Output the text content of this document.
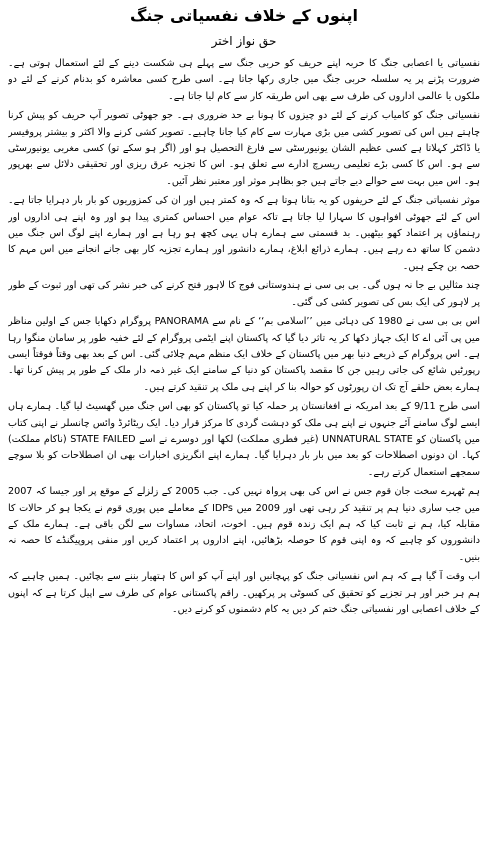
اپنوں کے خلاف نفسیاتی جنگ
حق نواز اختر

نفسیاتی یا اعصابی جنگ کا حربہ اپنے حریف کو حربی جنگ سے پہلے ہی شکست دینے کے لئے استعمال ہوتی ہے۔ ضرورت پڑنے پر یہ سلسلہ حربی جنگ میں جاری رکھا جاتا ہے۔ اسی طرح کسی معاشرہ کو بدنام کرنے کے لئے دو ملکوں یا عالمی اداروں کی طرف سے بھی اس طریقہ کار سے کام لیا جاتا ہے۔

نفسیاتی جنگ کو کامیاب کرنے کے لئے دو چیزوں کا ہونا بے حد ضروری ہے۔ جو جھوٹی تصویر آپ حریف کو پیش کرنا چاہتے ہیں اس کی تصویر کشی میں بڑی مہارت سے کام کیا جانا چاہیے۔ تصویر کشی کرنے والا اکثر و بیشتر پروفیسر یا ڈاکٹر کہلاتا ہے کسی عظیم الشان یونیورسٹی سے فارغ التحصیل ہو اور (اگر ہو سکے تو) کسی مغربی یونیورسٹی سے ہو۔ اس کا کسی بڑے تعلیمی ریسرچ ادارے سے تعلق ہو۔ اس کا تجزیہ عرق ریزی اور تحقیقی دلائل سے بھرپور ہو۔ اس میں بہت سے حوالے دیے جاتے ہیں جو بظاہر موثر اور معتبر نظر آئیں۔

موثر نفسیاتی جنگ کے لئے حریفوں کو یہ بتانا ہوتا ہے کہ وہ کمتر ہیں اور ان کی کمزوریوں کو بار بار دہرایا جاتا ہے۔ اس کے لئے جھوٹی افواہوں کا سہارا لیا جاتا ہے تاکہ عوام میں احساس کمتری پیدا ہو اور وہ اپنے ہی اداروں اور رہنماؤں پر اعتماد کھو بیٹھیں۔ بد قسمتی سے ہمارے ہاں یہی کچھ ہو رہا ہے اور ہمارے اپنے لوگ اس جنگ میں دشمن کا ساتھ دے رہے ہیں۔ ہمارے ذرائع ابلاغ، ہمارے دانشور اور ہمارے تجزیہ کار بھی جانے انجانے میں اس مہم کا حصہ بن چکے ہیں۔

چند مثالیں بے جا نہ ہوں گی۔ بی بی سی نے ہندوستانی فوج کا لاہور فتح کرنے کی خبر نشر کی تھی اور ثبوت کے طور پر لاہور کی ایک بس کی تصویر کشی کی گئی۔

اس بی بی سی نے 1980 کی دہائی میں ’’اسلامی بم‘‘ کے نام سے PANORAMA پروگرام دکھایا جس کے اولین مناظر میں پی آئی اے کا ایک جہاز دکھا کر یہ تاثر دیا گیا کہ پاکستان اپنے ایٹمی پروگرام کے لئے خفیہ طور پر سامان منگوا رہا ہے۔ اس پروگرام کے ذریعے دنیا بھر میں پاکستان کے خلاف ایک منظم مہم چلائی گئی۔ اس کے بعد بھی وقتاً فوقتاً ایسی رپورٹیں شائع کی جاتی رہیں جن کا مقصد پاکستان کو دنیا کے سامنے ایک غیر ذمہ دار ملک کے طور پر پیش کرنا تھا۔ ہمارے بعض حلقے آج تک ان رپورٹوں کو حوالہ بنا کر اپنے ہی ملک پر تنقید کرتے ہیں۔

اسی طرح 9/11 کے بعد امریکہ نے افغانستان پر حملہ کیا تو پاکستان کو بھی اس جنگ میں گھسیٹ لیا گیا۔ ہمارے ہاں ایسے لوگ سامنے آئے جنہوں نے اپنے ہی ملک کو دہشت گردی کا مرکز قرار دیا۔ ایک ریٹائرڈ وائس چانسلر نے اپنی کتاب میں پاکستان کو UNNATURAL STATE (غیر فطری مملکت) لکھا اور دوسرے نے اسے STATE FAILED (ناکام مملکت) کہا۔ ان دونوں اصطلاحات کو بعد میں بار بار دہرایا گیا۔ ہمارے اپنے انگریزی اخبارات بھی ان اصطلاحات کو بلا سوچے سمجھے استعمال کرتے رہے۔

ہم ٹھہرے سخت جان قوم جس نے اس کی بھی پرواہ نہیں کی۔ جب 2005 کے زلزلے کے موقع پر اور جیسا کہ 2007 میں جب ساری دنیا ہم پر تنقید کر رہی تھی اور 2009 میں IDPs کے معاملے میں پوری قوم نے یکجا ہو کر حالات کا مقابلہ کیا، ہم نے ثابت کیا کہ ہم ایک زندہ قوم ہیں۔ اخوت، اتحاد، مساوات سے لگن باقی ہے۔ ہمارے ملک کے دانشوروں کو چاہیے کہ وہ اپنی قوم کا حوصلہ بڑھائیں، اپنے اداروں پر اعتماد کریں اور منفی پروپیگنڈے کا حصہ نہ بنیں۔

اب وقت آ گیا ہے کہ ہم اس نفسیاتی جنگ کو پہچانیں اور اپنے آپ کو اس کا ہتھیار بننے سے بچائیں۔ ہمیں چاہیے کہ ہم ہر خبر اور ہر تجزیے کو تحقیق کی کسوٹی پر پرکھیں۔ راقم پاکستانی عوام کی طرف سے اپیل کرتا ہے کہ اپنوں کے خلاف اعصابی اور نفسیاتی جنگ ختم کر دیں یہ کام دشمنوں کو کرنے دیں۔
